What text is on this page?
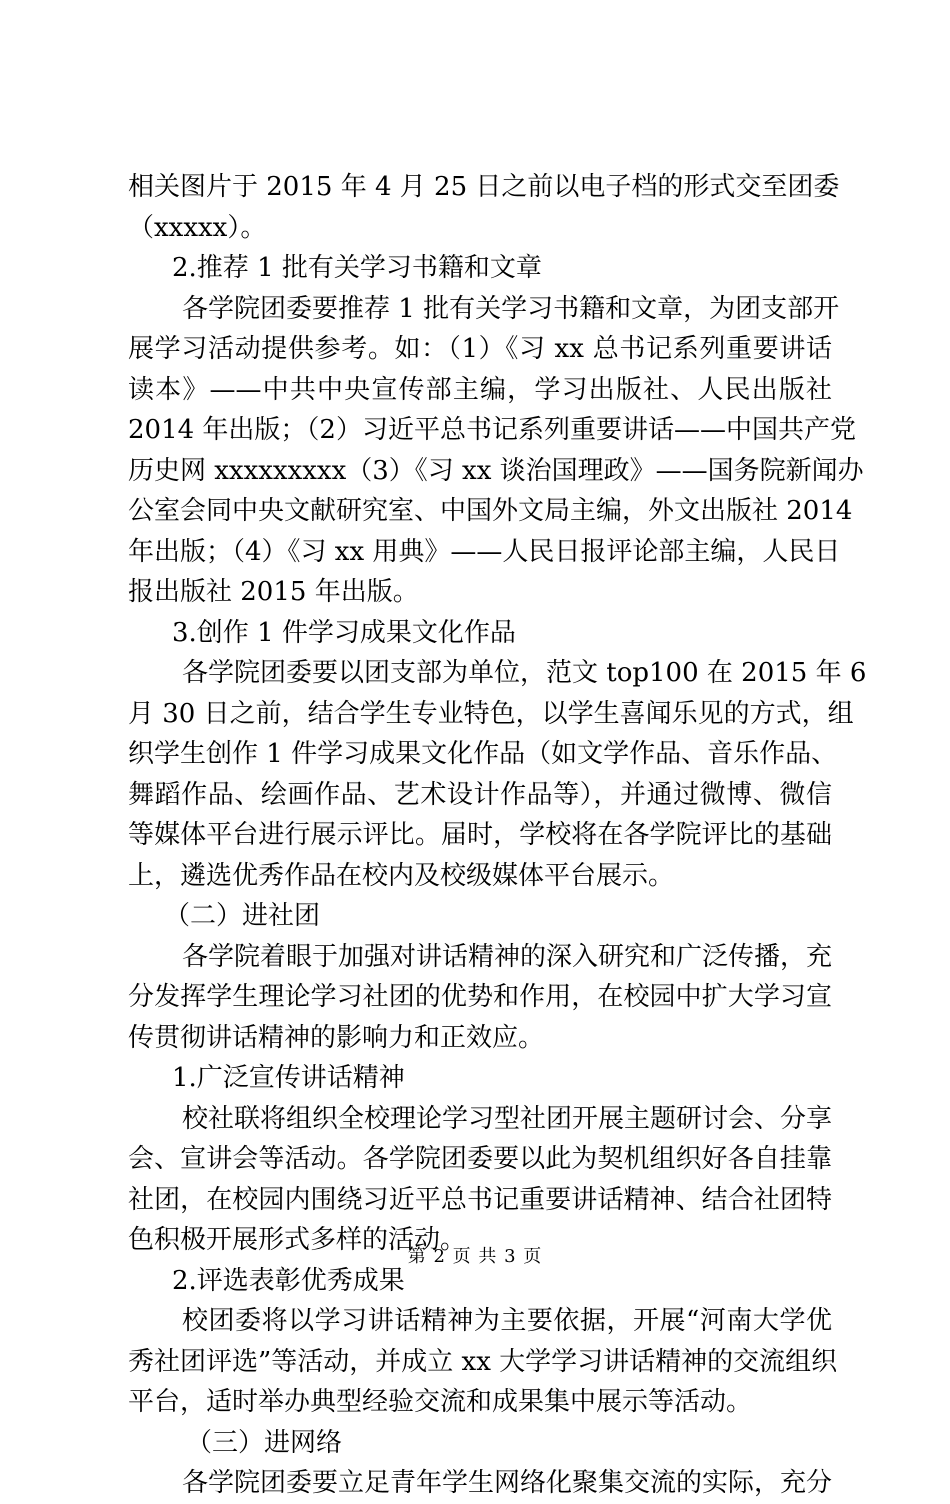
相关图片于 2015 年 4 月 25 日之前以电子档的形式交至团委
（xxxxx）。
2.推荐 1 批有关学习书籍和文章
各学院团委要推荐 1 批有关学习书籍和文章，为团支部开
展学习活动提供参考。如：（1）《习 xx 总书记系列重要讲话
读本》——中共中央宣传部主编，学习出版社、人民出版社
2014 年出版；（2）习近平总书记系列重要讲话——中国共产党
历史网 xxxxxxxxx（3）《习 xx 谈治国理政》——国务院新闻办
公室会同中央文献研究室、中国外文局主编，外文出版社 2014
年出版；（4）《习 xx 用典》——人民日报评论部主编，人民日
报出版社 2015 年出版。
3.创作 1 件学习成果文化作品
各学院团委要以团支部为单位，范文 top100 在 2015 年 6
月 30 日之前，结合学生专业特色，以学生喜闻乐见的方式，组
织学生创作 1 件学习成果文化作品（如文学作品、音乐作品、
舞蹈作品、绘画作品、艺术设计作品等），并通过微博、微信
等媒体平台进行展示评比。届时，学校将在各学院评比的基础
上，遴选优秀作品在校内及校级媒体平台展示。
（二）进社团
各学院着眼于加强对讲话精神的深入研究和广泛传播，充
分发挥学生理论学习社团的优势和作用，在校园中扩大学习宣
传贯彻讲话精神的影响力和正效应。
1.广泛宣传讲话精神
校社联将组织全校理论学习型社团开展主题研讨会、分享
会、宣讲会等活动。各学院团委要以此为契机组织好各自挂靠
社团，在校园内围绕习近平总书记重要讲话精神、结合社团特
色积极开展形式多样的活动。
2.评选表彰优秀成果
校团委将以学习讲话精神为主要依据，开展“河南大学优
秀社团评选”等活动，并成立 xx 大学学习讲话精神的交流组织
平台，适时举办典型经验交流和成果集中展示等活动。
（三）进网络
各学院团委要立足青年学生网络化聚集交流的实际，充分
第 2 页 共 3 页
